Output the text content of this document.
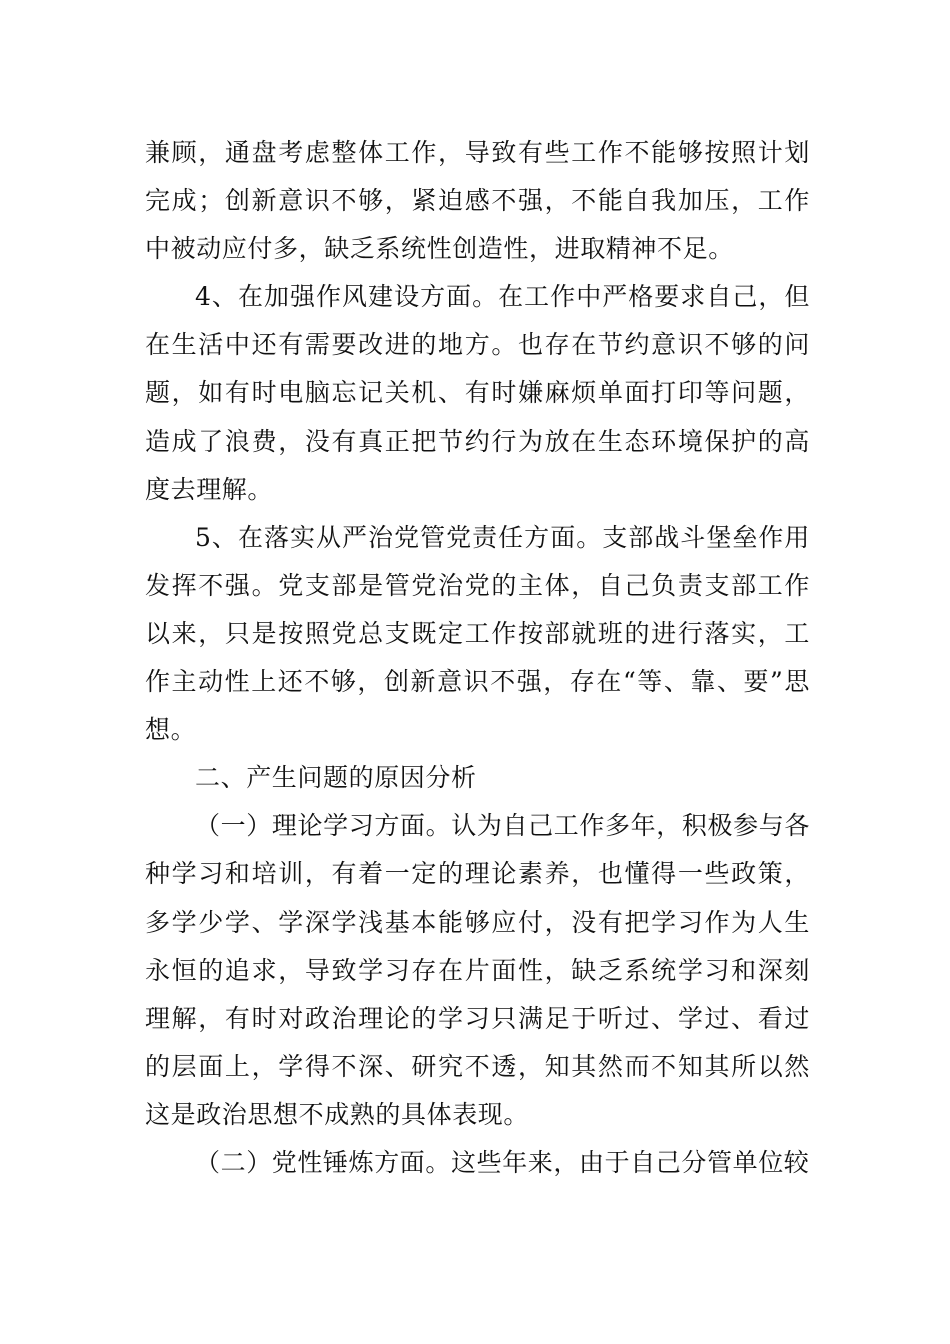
兼顾，通盘考虑整体工作，导致有些工作不能够按照计划完成；创新意识不够，紧迫感不强，不能自我加压，工作中被动应付多，缺乏系统性创造性，进取精神不足。

4、在加强作风建设方面。在工作中严格要求自己，但在生活中还有需要改进的地方。也存在节约意识不够的问题，如有时电脑忘记关机、有时嫌麻烦单面打印等问题，造成了浪费，没有真正把节约行为放在生态环境保护的高度去理解。

5、在落实从严治党管党责任方面。支部战斗堡垒作用发挥不强。党支部是管党治党的主体，自己负责支部工作以来，只是按照党总支既定工作按部就班的进行落实，工作主动性上还不够，创新意识不强，存在“等、靠、要”思想。

二、产生问题的原因分析

（一）理论学习方面。认为自己工作多年，积极参与各种学习和培训，有着一定的理论素养，也懂得一些政策，多学少学、学深学浅基本能够应付，没有把学习作为人生永恒的追求，导致学习存在片面性，缺乏系统学习和深刻理解，有时对政治理论的学习只满足于听过、学过、看过的层面上，学得不深、研究不透，知其然而不知其所以然这是政治思想不成熟的具体表现。

（二）党性锤炼方面。这些年来，由于自己分管单位较
